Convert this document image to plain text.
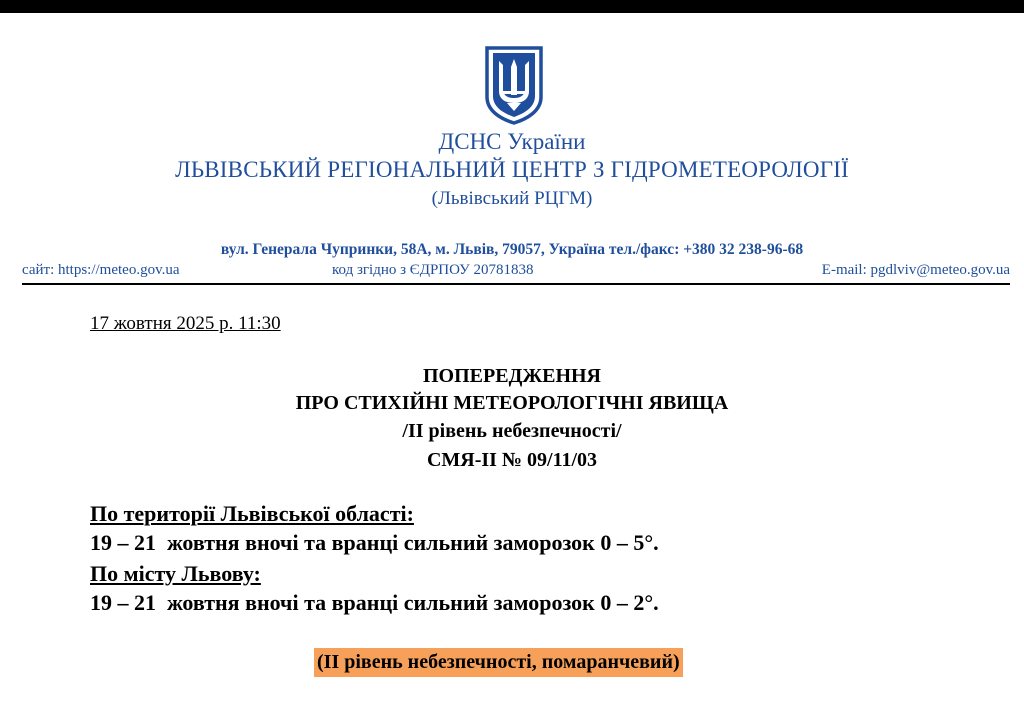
ДСНС України
ЛЬВІВСЬКИЙ РЕГІОНАЛЬНИЙ ЦЕНТР З ГІДРОМЕТЕОРОЛОГІЇ
(Львівський РЦГМ)
вул. Генерала Чупринки, 58А, м. Львів, 79057, Україна тел./факс: +380 32 238-96-68
сайт: https://meteo.gov.ua	код згідно з ЄДРПОУ 20781838	E-mail: pgdlviv@meteo.gov.ua
17 жовтня 2025 р. 11:30
ПОПЕРЕДЖЕННЯ
ПРО СТИХІЙНІ МЕТЕОРОЛОГІЧНІ ЯВИЩА
/ІІ рівень небезпечності/
СМЯ-ІІ № 09/11/03
По території Львівської області:
19 – 21  жовтня вночі та вранці сильний заморозок 0 – 5°.
По місту Львову:
19 – 21  жовтня вночі та вранці сильний заморозок 0 – 2°.
(ІІ рівень небезпечності, помаранчевий)
